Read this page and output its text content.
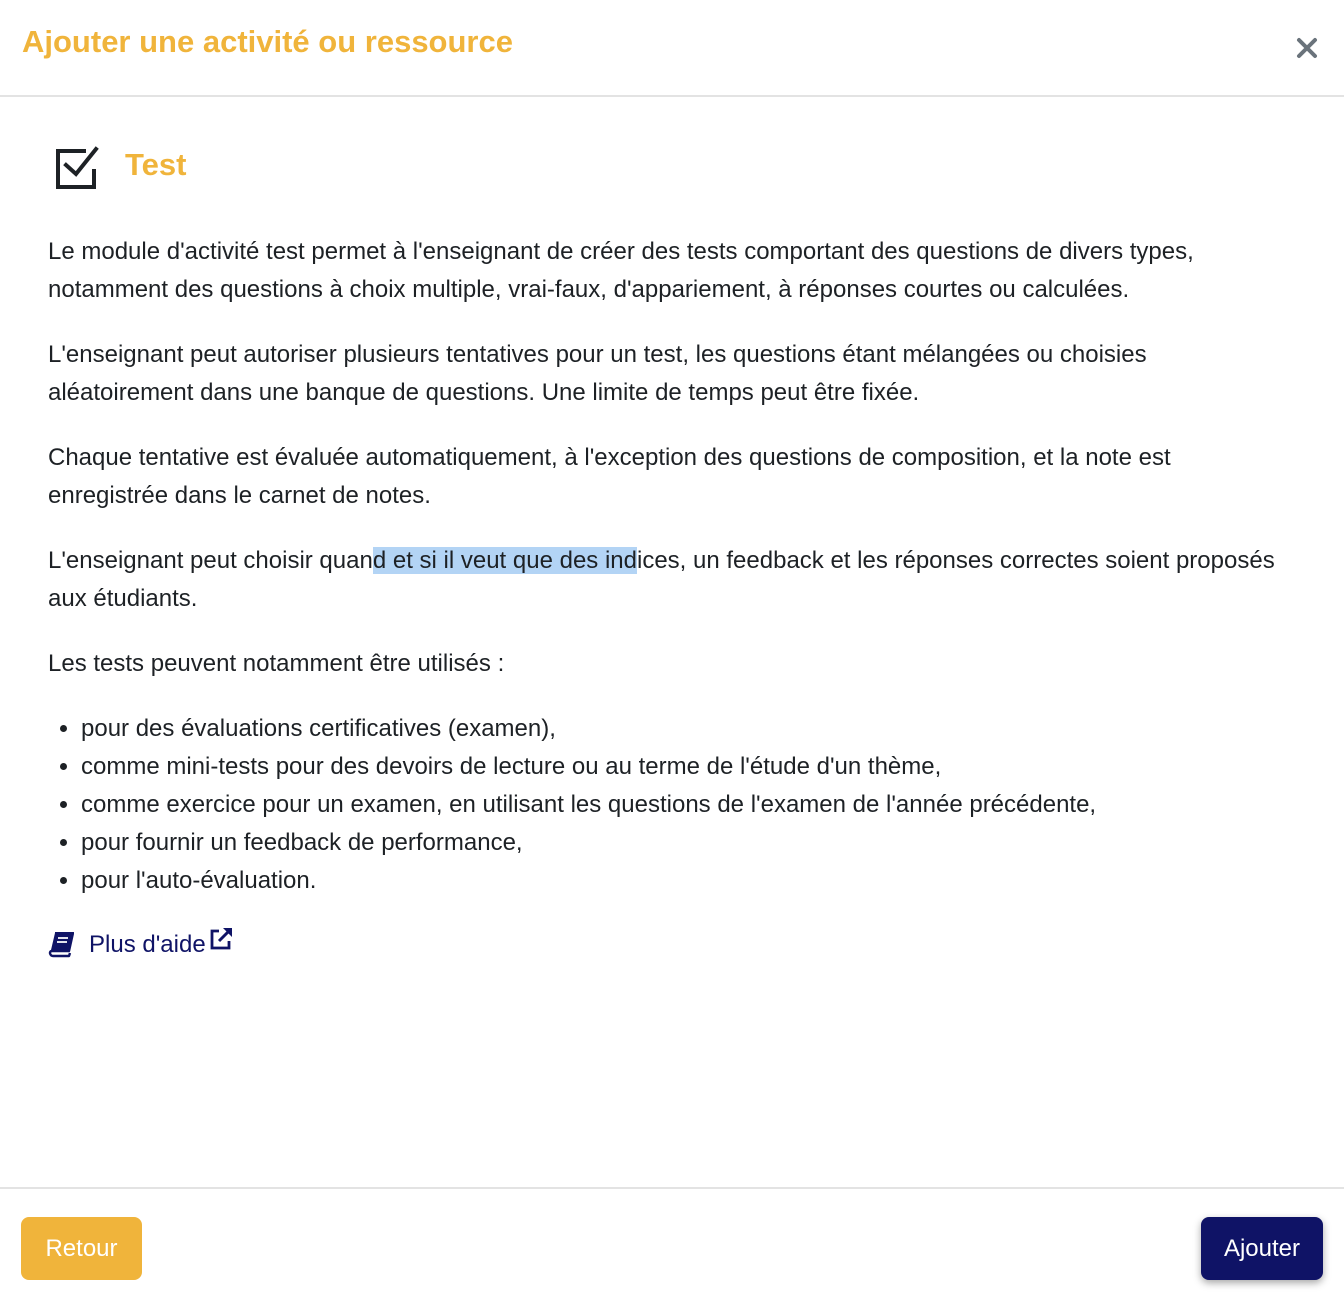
Ajouter une activité ou ressource
Test

Le module d'activité test permet à l'enseignant de créer des tests comportant des questions de divers types, notamment des questions à choix multiple, vrai-faux, d'appariement, à réponses courtes ou calculées.

L'enseignant peut autoriser plusieurs tentatives pour un test, les questions étant mélangées ou choisies aléatoirement dans une banque de questions. Une limite de temps peut être fixée.

Chaque tentative est évaluée automatiquement, à l'exception des questions de composition, et la note est enregistrée dans le carnet de notes.

L'enseignant peut choisir quand et si il veut que des indices, un feedback et les réponses correctes soient proposés aux étudiants.

Les tests peuvent notamment être utilisés :

• pour des évaluations certificatives (examen),
• comme mini-tests pour des devoirs de lecture ou au terme de l'étude d'un thème,
• comme exercice pour un examen, en utilisant les questions de l'examen de l'année précédente,
• pour fournir un feedback de performance,
• pour l'auto-évaluation.
Plus d'aide
Retour	Ajouter
